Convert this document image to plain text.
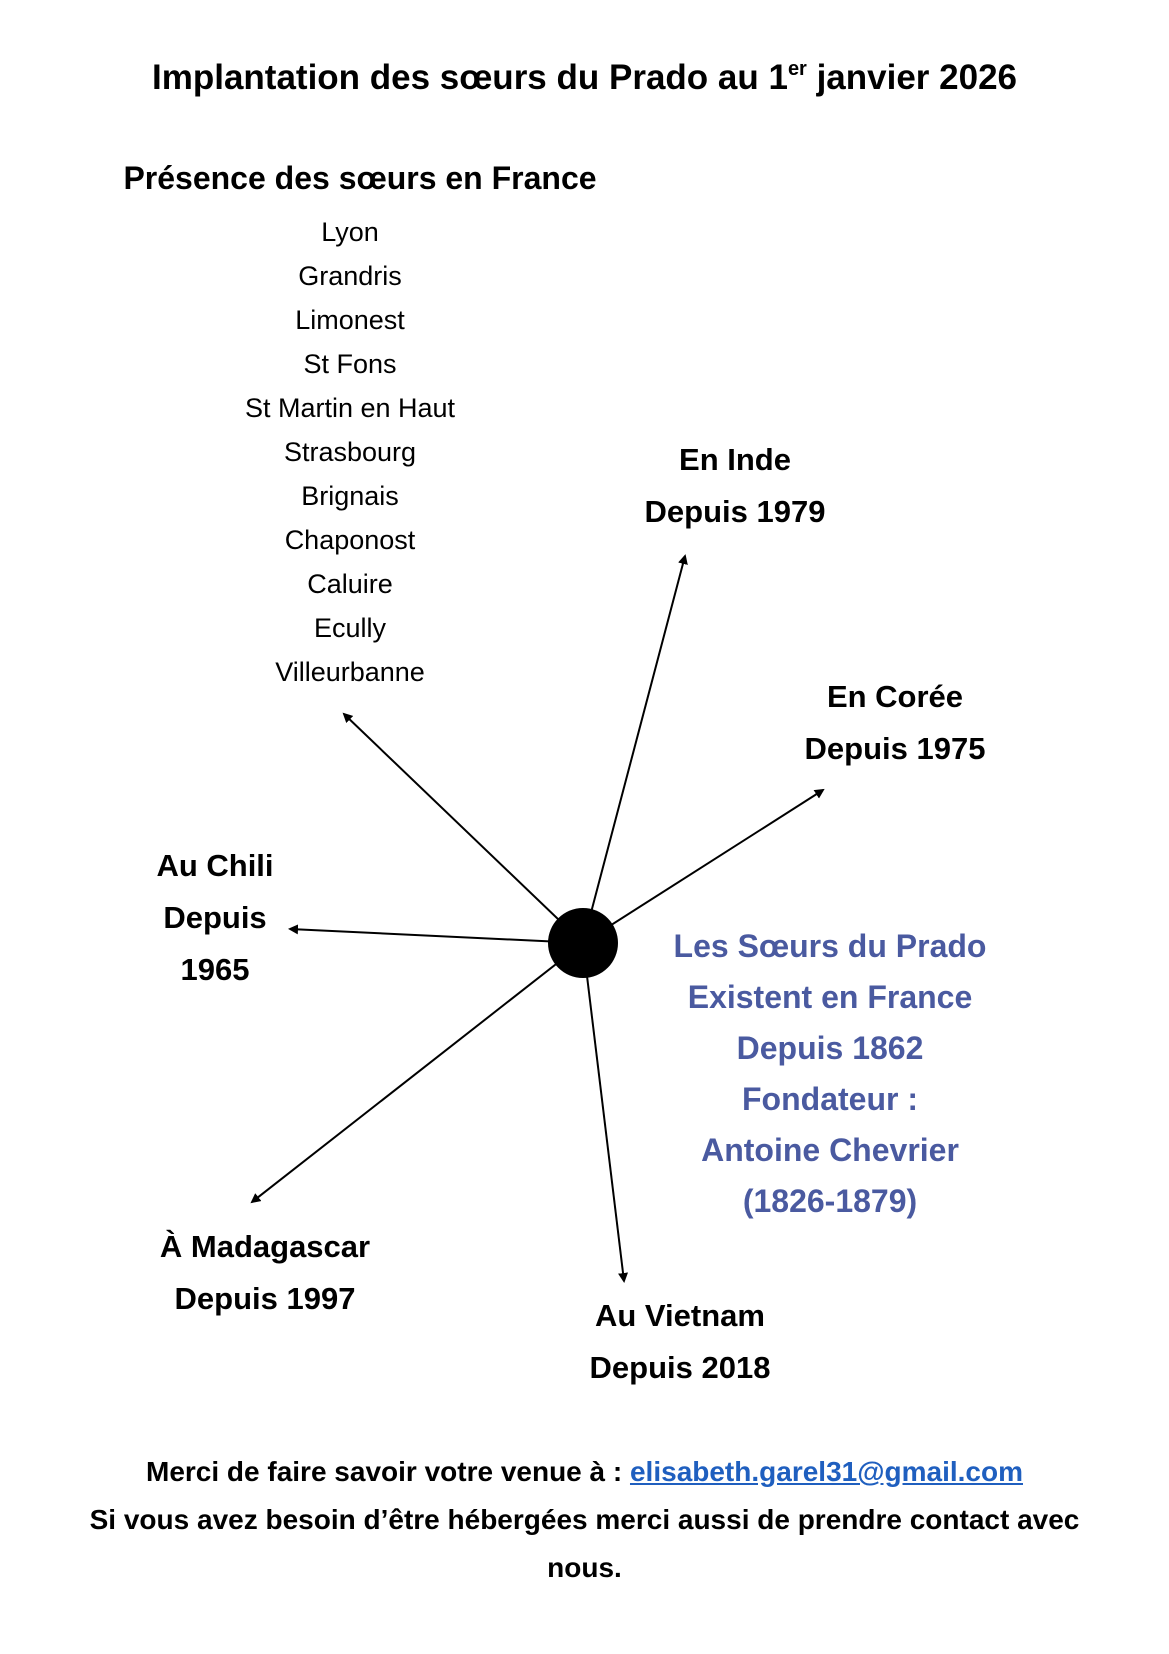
Implantation des sœurs du Prado au 1er janvier 2026
Présence des sœurs en France
Lyon
Grandris
Limonest
St Fons
St Martin en Haut
Strasbourg
Brignais
Chaponost
Caluire
Ecully
Villeurbanne
En Inde
Depuis 1979
En Corée
Depuis 1975
Au Chili
Depuis
1965
À Madagascar
Depuis 1997	Au Vietnam
Depuis 2018
Les Sœurs du Prado
Existent en France
Depuis 1862
Fondateur :
Antoine Chevrier
(1826-1879)
Merci de faire savoir votre venue à : elisabeth.garel31@gmail.com
Si vous avez besoin d’être hébergées merci aussi de prendre contact avec
nous.
